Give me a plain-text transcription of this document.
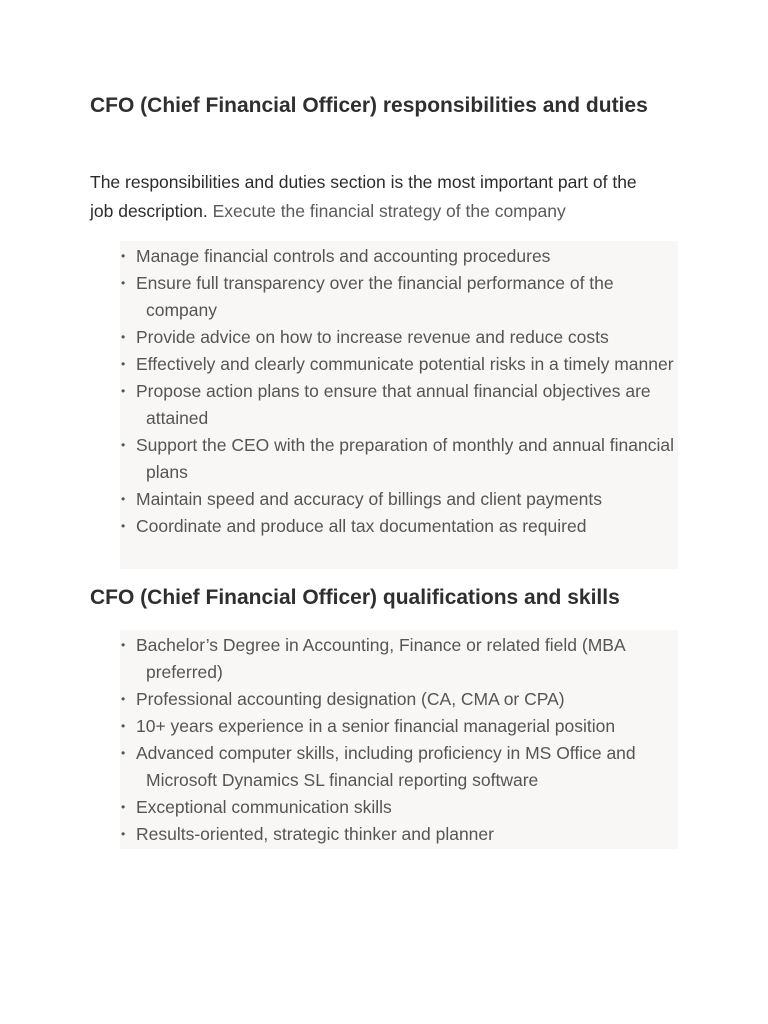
CFO (Chief Financial Officer) responsibilities and duties

The responsibilities and duties section is the most important part of the job description. Execute the financial strategy of the company

• Manage financial controls and accounting procedures
• Ensure full transparency over the financial performance of the company
• Provide advice on how to increase revenue and reduce costs
• Effectively and clearly communicate potential risks in a timely manner
• Propose action plans to ensure that annual financial objectives are attained
• Support the CEO with the preparation of monthly and annual financial plans
• Maintain speed and accuracy of billings and client payments
• Coordinate and produce all tax documentation as required
CFO (Chief Financial Officer) qualifications and skills
• Bachelor’s Degree in Accounting, Finance or related field (MBA preferred)
• Professional accounting designation (CA, CMA or CPA)
• 10+ years experience in a senior financial managerial position
• Advanced computer skills, including proficiency in MS Office and Microsoft Dynamics SL financial reporting software
• Exceptional communication skills
• Results-oriented, strategic thinker and planner
